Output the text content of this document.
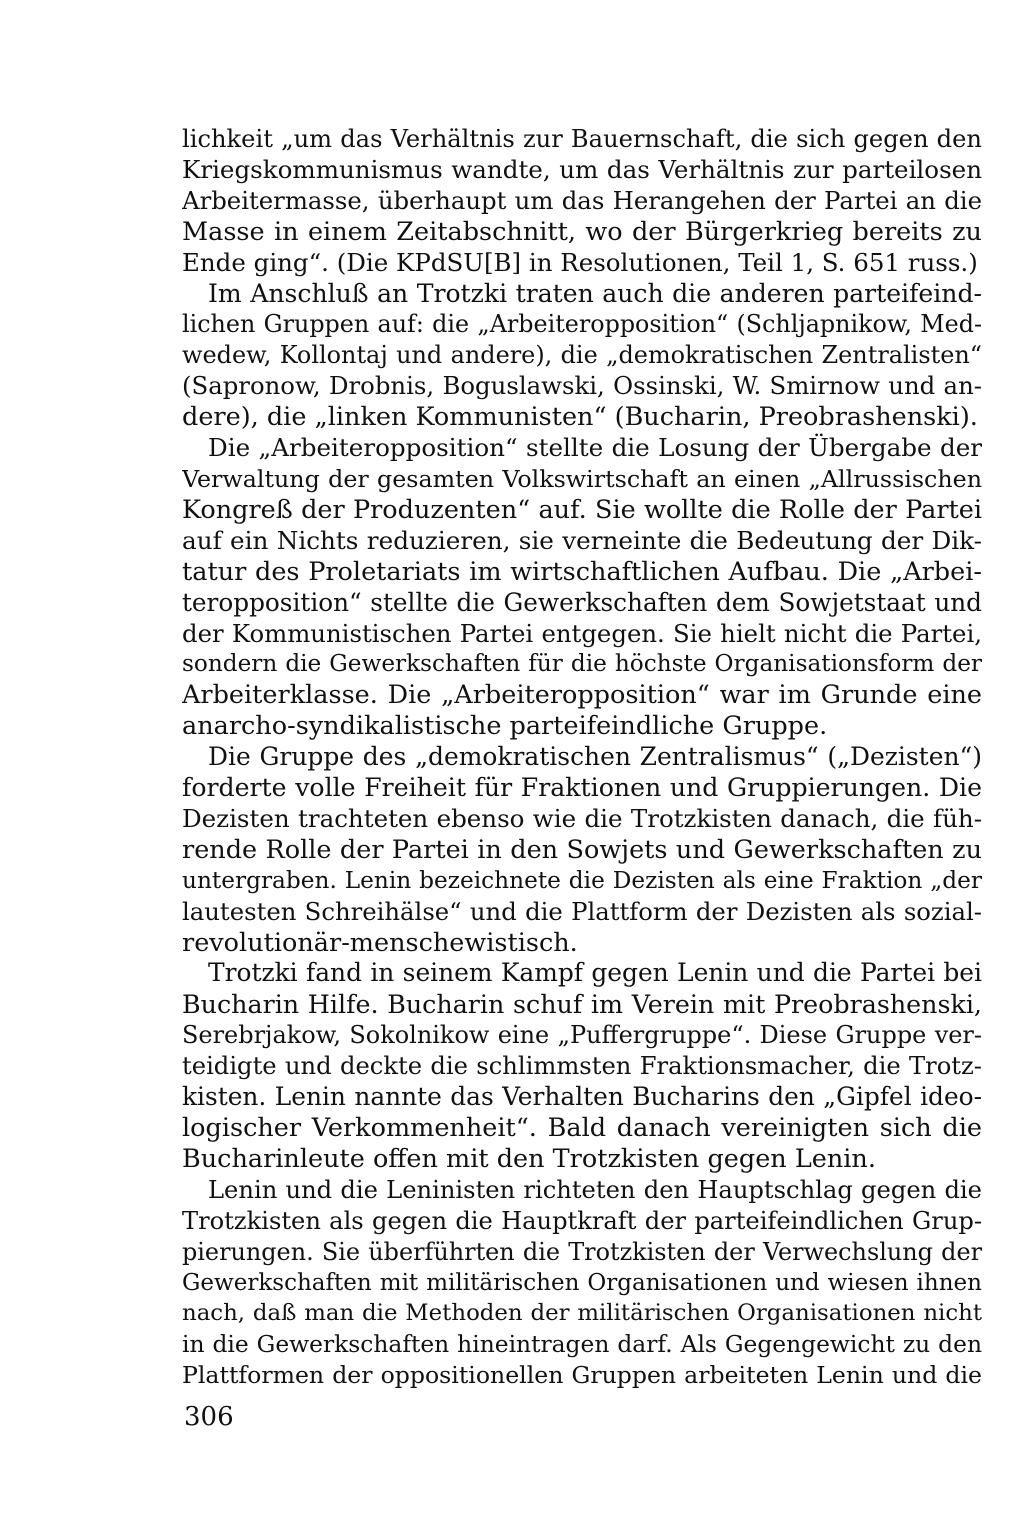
lichkeit „um das Verhältnis zur Bauernschaft, die sich gegen den
Kriegskommunismus wandte, um das Verhältnis zur parteilosen
Arbeitermasse, überhaupt um das Herangehen der Partei an die
Masse in einem Zeitabschnitt, wo der Bürgerkrieg bereits zu
Ende ging“. (Die KPdSU[B] in Resolutionen, Teil 1, S. 651 russ.)
Im Anschluß an Trotzki traten auch die anderen parteifeind-
lichen Gruppen auf: die „Arbeiteropposition“ (Schljapnikow, Med-
wedew, Kollontaj und andere), die „demokratischen Zentralisten“
(Sapronow, Drobnis, Boguslawski, Ossinski, W. Smirnow und an-
dere), die „linken Kommunisten“ (Bucharin, Preobrashenski).
Die „Arbeiteropposition“ stellte die Losung der Übergabe der
Verwaltung der gesamten Volkswirtschaft an einen „Allrussischen
Kongreß der Produzenten“ auf. Sie wollte die Rolle der Partei
auf ein Nichts reduzieren, sie verneinte die Bedeutung der Dik-
tatur des Proletariats im wirtschaftlichen Aufbau. Die „Arbei-
teropposition“ stellte die Gewerkschaften dem Sowjetstaat und
der Kommunistischen Partei entgegen. Sie hielt nicht die Partei,
sondern die Gewerkschaften für die höchste Organisationsform der
Arbeiterklasse. Die „Arbeiteropposition“ war im Grunde eine
anarcho-syndikalistische parteifeindliche Gruppe.
Die Gruppe des „demokratischen Zentralismus“ („Dezisten“)
forderte volle Freiheit für Fraktionen und Gruppierungen. Die
Dezisten trachteten ebenso wie die Trotzkisten danach, die füh-
rende Rolle der Partei in den Sowjets und Gewerkschaften zu
untergraben. Lenin bezeichnete die Dezisten als eine Fraktion „der
lautesten Schreihälse“ und die Plattform der Dezisten als sozial-
revolutionär-menschewistisch.
Trotzki fand in seinem Kampf gegen Lenin und die Partei bei
Bucharin Hilfe. Bucharin schuf im Verein mit Preobrashenski,
Serebrjakow, Sokolnikow eine „Puffergruppe“. Diese Gruppe ver-
teidigte und deckte die schlimmsten Fraktionsmacher, die Trotz-
kisten. Lenin nannte das Verhalten Bucharins den „Gipfel ideo-
logischer Verkommenheit“. Bald danach vereinigten sich die
Bucharinleute offen mit den Trotzkisten gegen Lenin.
Lenin und die Leninisten richteten den Hauptschlag gegen die
Trotzkisten als gegen die Hauptkraft der parteifeindlichen Grup-
pierungen. Sie überführten die Trotzkisten der Verwechslung der
Gewerkschaften mit militärischen Organisationen und wiesen ihnen
nach, daß man die Methoden der militärischen Organisationen nicht
in die Gewerkschaften hineintragen darf. Als Gegengewicht zu den
Plattformen der oppositionellen Gruppen arbeiteten Lenin und die
306
